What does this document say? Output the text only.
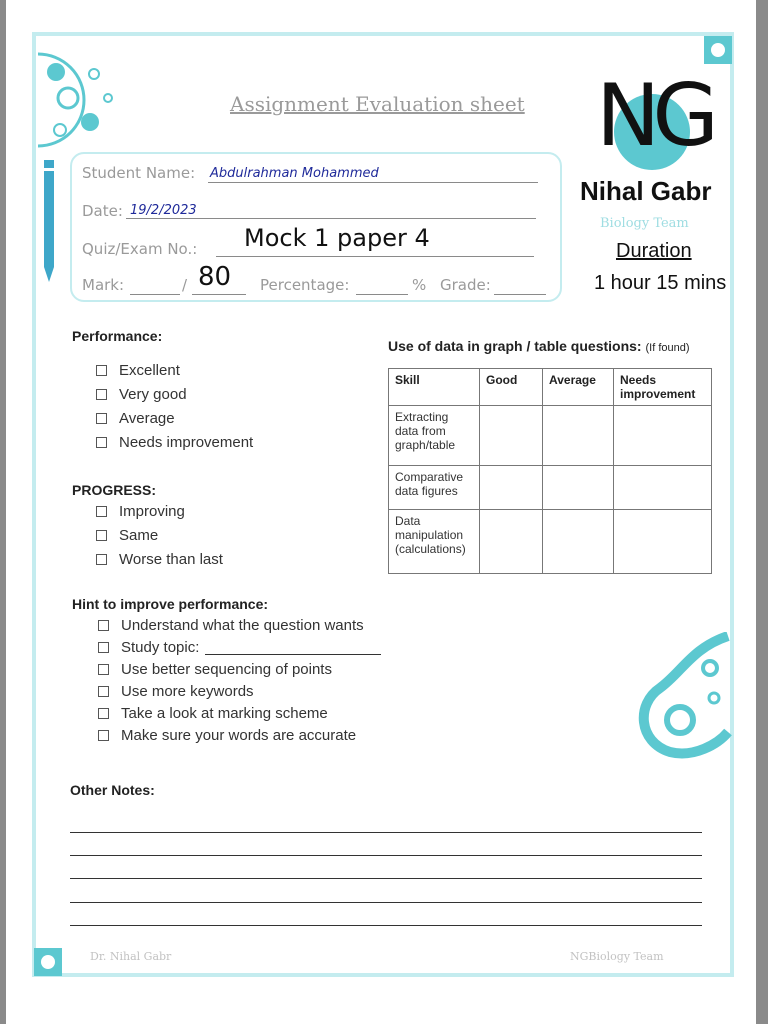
Assignment Evaluation sheet NG
Nihal Gabr
Biology Team
Duration
1 hour 15 mins
Student Name: Abdulrahman Mohammed
Date: 19/2/2023
Quiz/Exam No.: Mock 1 paper 4
Mark:	/ 80 Percentage:	% Grade:
Performance:
Excellent
Very good
Average
Needs improvement
PROGRESS:
Improving
Same
Worse than last
Use of data in graph / table questions: (If found)
Skill	Good	Average	Needs improvement
Extracting data from graph/table			
Comparative data figures			
Data manipulation (calculations)			
Hint to improve performance:
Understand what the question wants
Study topic:
Use better sequencing of points
Use more keywords
Take a look at marking scheme
Make sure your words are accurate
Other Notes:
Dr. Nihal Gabr	NGBiology Team
